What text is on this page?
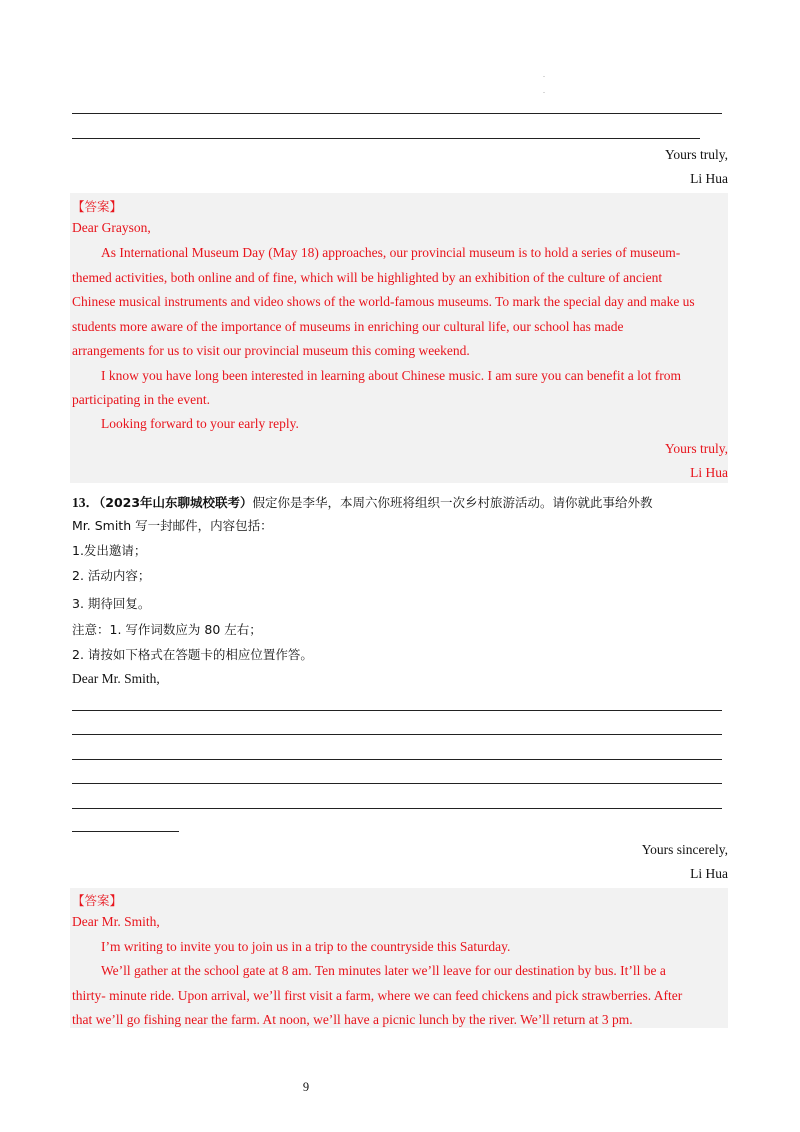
.
.
Yours truly,
Li Hua
【答案】
Dear Grayson,
As International Museum Day (May 18) approaches, our provincial museum is to hold a series of museum-
themed activities, both online and of fine, which will be highlighted by an exhibition of the culture of ancient
Chinese musical instruments and video shows of the world-famous museums. To mark the special day and make us
students more aware of the importance of museums in enriching our cultural life, our school has made
arrangements for us to visit our provincial museum this coming weekend.
I know you have long been interested in learning about Chinese music. I am sure you can benefit a lot from
participating in the event.
Looking forward to your early reply.
Yours truly,
Li Hua
13．（2023年山东聊城校联考）假定你是李华，本周六你班将组织一次乡村旅游活动。请你就此事给外教
Mr. Smith 写一封邮件，内容包括：
1.发出邀请；
2. 活动内容；
3. 期待回复。
注意：1. 写作词数应为 80 左右；
2. 请按如下格式在答题卡的相应位置作答。
Dear Mr. Smith,
Yours sincerely,
Li Hua
【答案】
Dear Mr. Smith,
I’m writing to invite you to join us in a trip to the countryside this Saturday.
We’ll gather at the school gate at 8 am. Ten minutes later we’ll leave for our destination by bus. It’ll be a
thirty- minute ride. Upon arrival, we’ll first visit a farm, where we can feed chickens and pick strawberries. After
that we’ll go fishing near the farm. At noon, we’ll have a picnic lunch by the river. We’ll return at 3 pm.
9
